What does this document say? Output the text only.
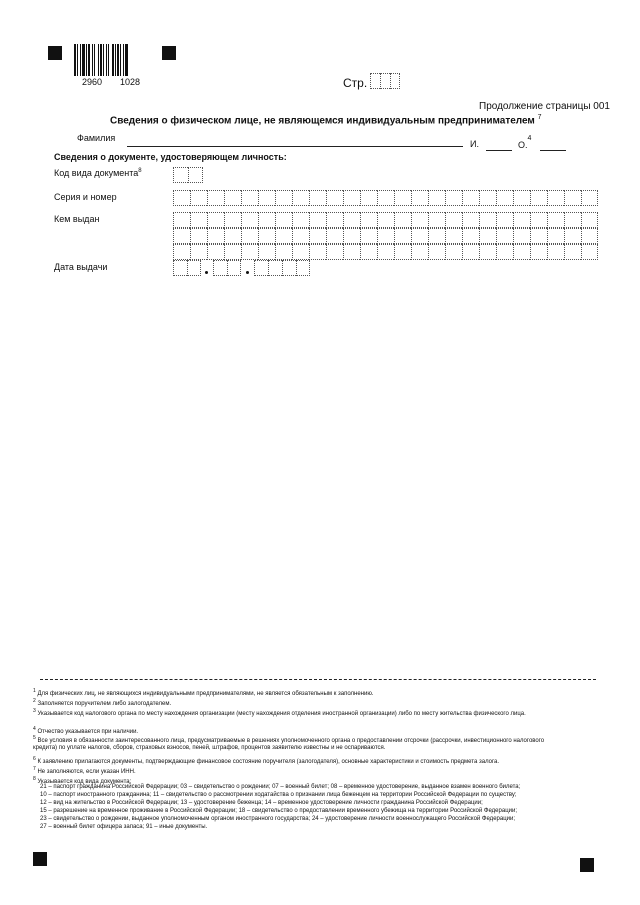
2960 1028	Стр.
Продолжение страницы 001
Сведения о физическом лице, не являющемся индивидуальным предпринимателем $^7$
Фамилия
И.	О.$^4$
Сведения о документе, удостоверяющем личность:
Код вида документа$^8$
Серия и номер
Кем выдан
Дата выдачи
$^1$ Для физических лиц, не являющихся индивидуальными предпринимателями, не является обязательным к заполнению.
$^2$ Заполняется поручителем либо залогодателем.
$^3$ Указывается код налогового органа по месту нахождения организации (месту нахождения отделения иностранной организации) либо по месту жительства физического лица.
$^4$ Отчество указывается при наличии.
$^5$ Все условия в обязанности заинтересованного лица, предусматриваемые в решениях уполномоченного органа о предоставлении отсрочки (рассрочки, инвестиционного налогового кредита) по уплате налогов, сборов, страховых взносов, пеней, штрафов, процентов заявителю известны и не оспариваются.
$^6$ К заявлению прилагаются документы, подтверждающие финансовое состояние поручителя (залогодателя), основные характеристики и стоимость предмета залога.
$^7$ Не заполняются, если указан ИНН.
$^8$ Указывается код вида документа:
21 – паспорт гражданина Российской Федерации; 03 – свидетельство о рождении; 07 – военный билет; 08 – временное удостоверение, выданное взамен военного билета;
10 – паспорт иностранного гражданина; 11 – свидетельство о рассмотрении ходатайства о признании лица беженцем на территории Российской Федерации по существу;
12 – вид на жительство в Российской Федерации; 13 – удостоверение беженца; 14 – временное удостоверение личности гражданина Российской Федерации;
15 – разрешение на временное проживание в Российской Федерации; 18 – свидетельство о предоставлении временного убежища на территории Российской Федерации;
23 – свидетельство о рождении, выданное уполномоченным органом иностранного государства; 24 – удостоверение личности военнослужащего Российской Федерации;
27 – военный билет офицера запаса; 91 – иные документы.
